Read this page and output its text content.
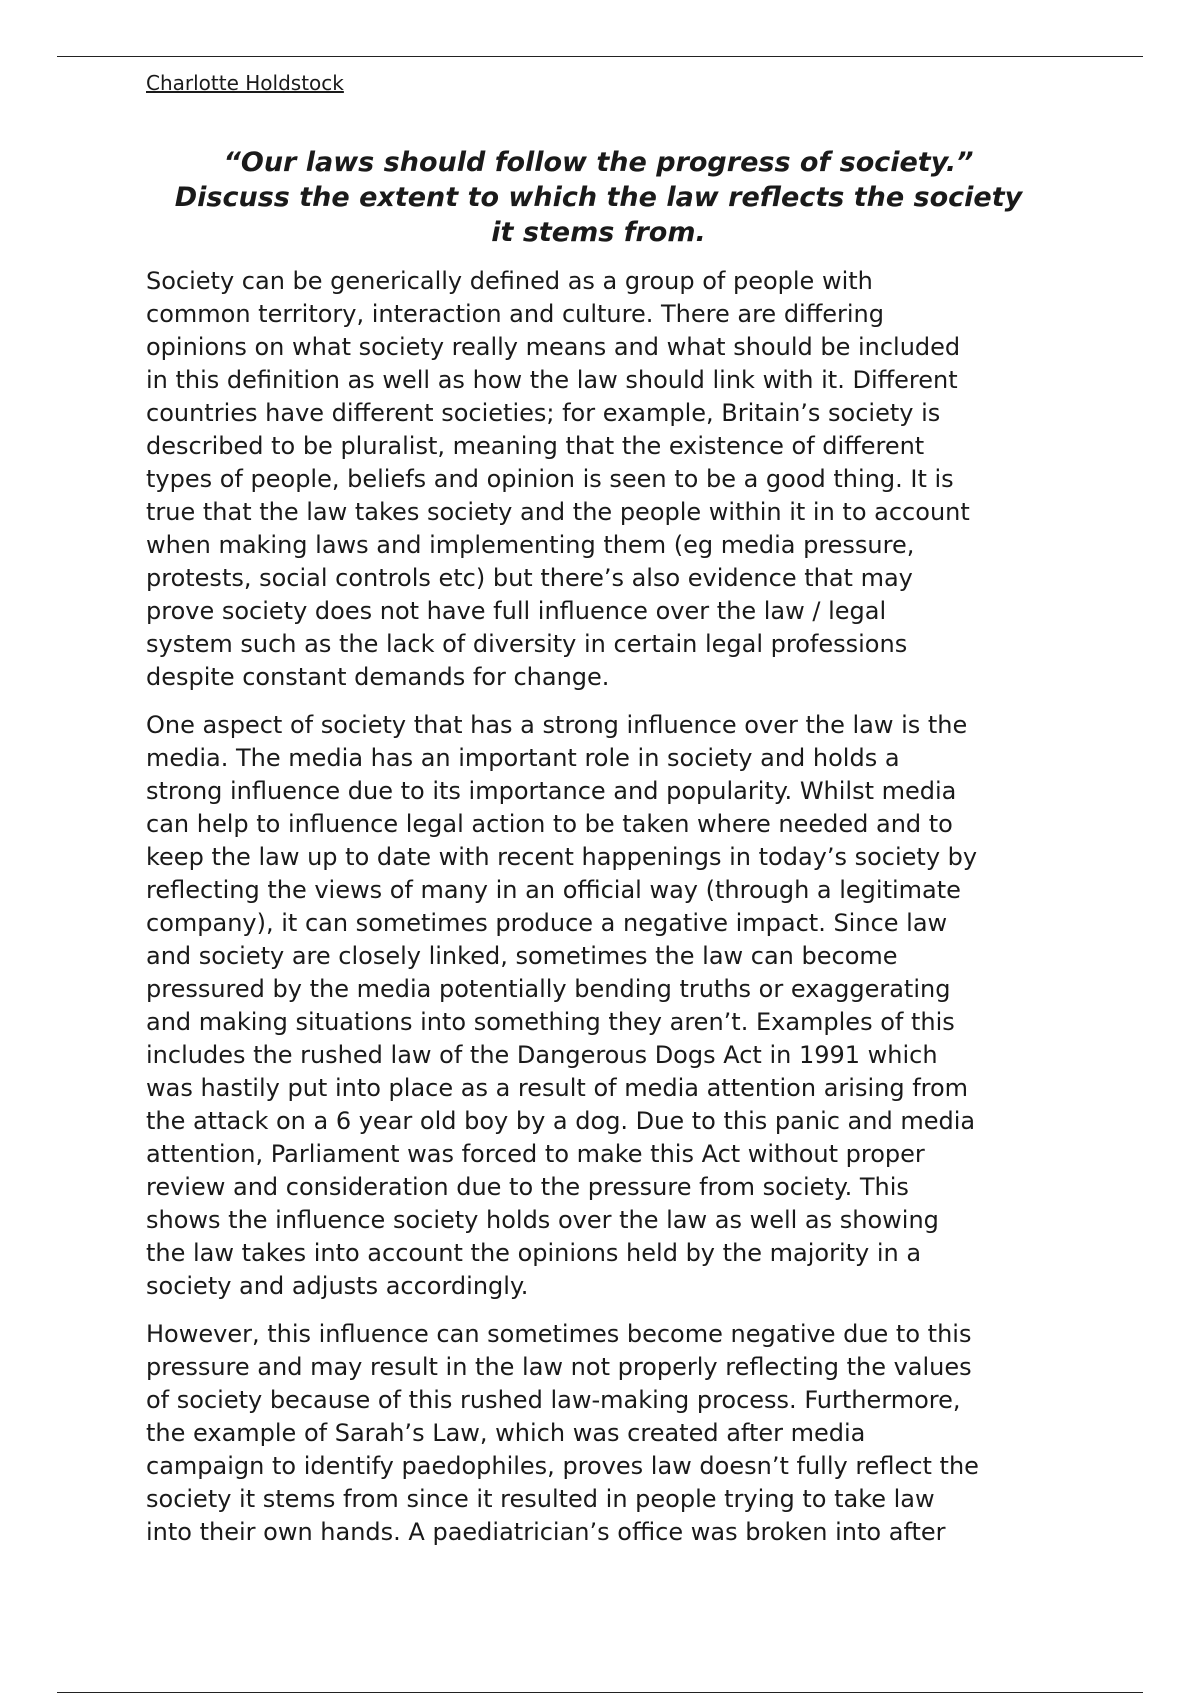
Charlotte Holdstock
“Our laws should follow the progress of society.”
Discuss the extent to which the law reflects the society
it stems from.
Society can be generically defined as a group of people with
common territory, interaction and culture. There are differing
opinions on what society really means and what should be included
in this definition as well as how the law should link with it. Different
countries have different societies; for example, Britain’s society is
described to be pluralist, meaning that the existence of different
types of people, beliefs and opinion is seen to be a good thing. It is
true that the law takes society and the people within it in to account
when making laws and implementing them (eg media pressure,
protests, social controls etc) but there’s also evidence that may
prove society does not have full influence over the law / legal
system such as the lack of diversity in certain legal professions
despite constant demands for change.
One aspect of society that has a strong influence over the law is the
media. The media has an important role in society and holds a
strong influence due to its importance and popularity. Whilst media
can help to influence legal action to be taken where needed and to
keep the law up to date with recent happenings in today’s society by
reflecting the views of many in an official way (through a legitimate
company), it can sometimes produce a negative impact. Since law
and society are closely linked, sometimes the law can become
pressured by the media potentially bending truths or exaggerating
and making situations into something they aren’t. Examples of this
includes the rushed law of the Dangerous Dogs Act in 1991 which
was hastily put into place as a result of media attention arising from
the attack on a 6 year old boy by a dog. Due to this panic and media
attention, Parliament was forced to make this Act without proper
review and consideration due to the pressure from society. This
shows the influence society holds over the law as well as showing
the law takes into account the opinions held by the majority in a
society and adjusts accordingly.
However, this influence can sometimes become negative due to this
pressure and may result in the law not properly reflecting the values
of society because of this rushed law-making process. Furthermore,
the example of Sarah’s Law, which was created after media
campaign to identify paedophiles, proves law doesn’t fully reflect the
society it stems from since it resulted in people trying to take law
into their own hands. A paediatrician’s office was broken into after
